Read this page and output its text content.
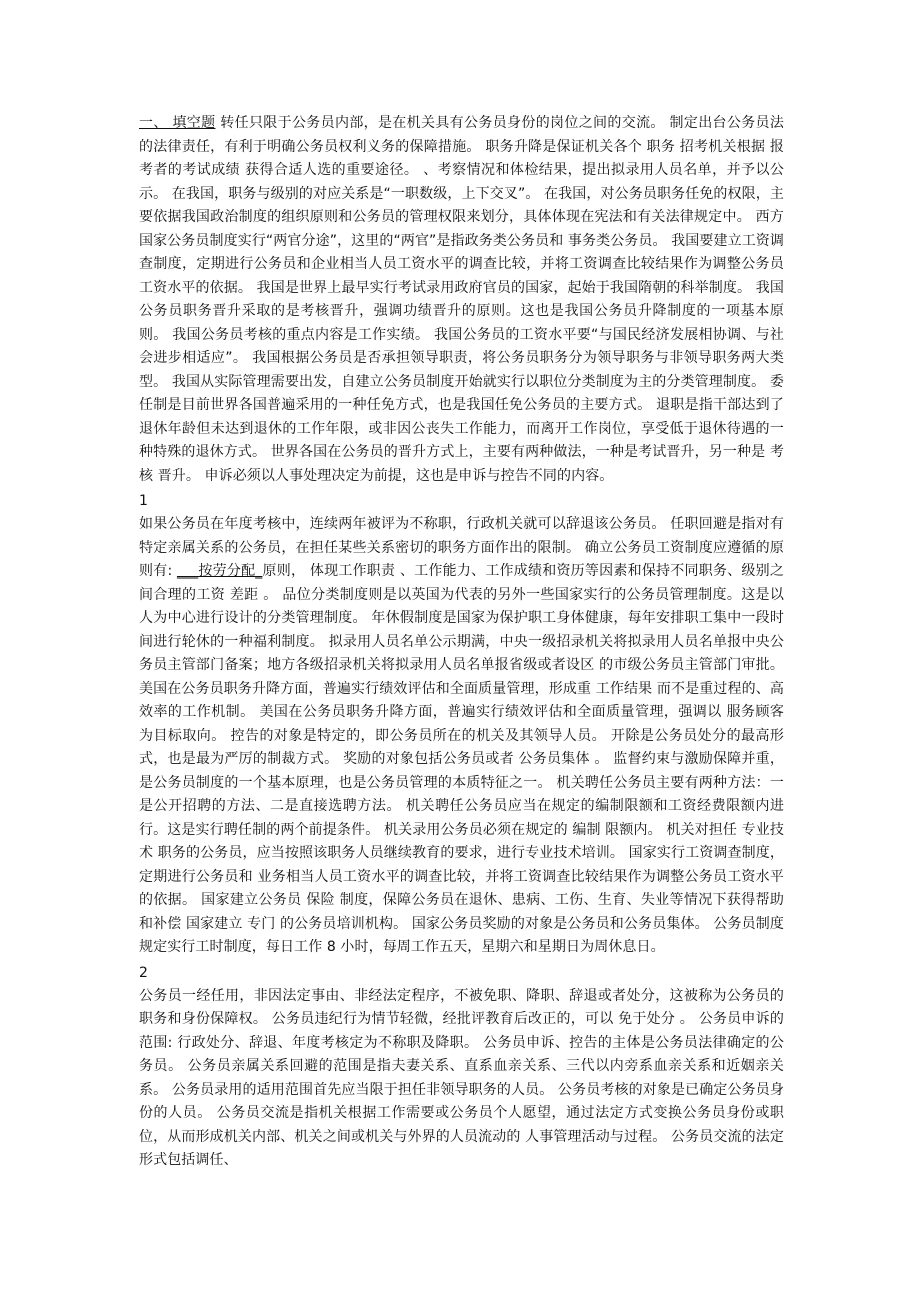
一、 填空题 转任只限于公务员内部，是在机关具有公务员身份的岗位之间的交流。 制定出台公务员法的法律责任，有利于明确公务员权利义务的保障措施。 职务升降是保证机关各个 职务 招考机关根据 报考者的考试成绩 获得合适人选的重要途径。 、考察情况和体检结果，提出拟录用人员名单，并予以公示。 在我国，职务与级别的对应关系是“一职数级，上下交叉”。 在我国，对公务员职务任免的权限，主要依据我国政治制度的组织原则和公务员的管理权限来划分，具体体现在宪法和有关法律规定中。 西方国家公务员制度实行“两官分途”，这里的“两官”是指政务类公务员和 事务类公务员。 我国要建立工资调查制度，定期进行公务员和企业相当人员工资水平的调查比较，并将工资调查比较结果作为调整公务员工资水平的依据。 我国是世界上最早实行考试录用政府官员的国家，起始于我国隋朝的科举制度。 我国公务员职务晋升采取的是考核晋升，强调功绩晋升的原则。这也是我国公务员升降制度的一项基本原则。 我国公务员考核的重点内容是工作实绩。 我国公务员的工资水平要“与国民经济发展相协调、与社会进步相适应”。 我国根据公务员是否承担领导职责，将公务员职务分为领导职务与非领导职务两大类型。 我国从实际管理需要出发，自建立公务员制度开始就实行以职位分类制度为主的分类管理制度。 委任制是目前世界各国普遍采用的一种任免方式，也是我国任免公务员的主要方式。 退职是指干部达到了退休年龄但未达到退休的工作年限，或非因公丧失工作能力，而离开工作岗位，享受低于退休待遇的一种特殊的退休方式。 世界各国在公务员的晋升方式上，主要有两种做法，一种是考试晋升，另一种是 考核 晋升。 申诉必须以人事处理决定为前提，这也是申诉与控告不同的内容。

1

如果公务员在年度考核中，连续两年被评为不称职，行政机关就可以辞退该公务员。 任职回避是指对有特定亲属关系的公务员，在担任某些关系密切的职务方面作出的限制。 确立公务员工资制度应遵循的原则有: ___按劳分配_原则， 体现工作职责 、工作能力、工作成绩和资历等因素和保持不同职务、级别之间合理的工资 差距 。 品位分类制度则是以英国为代表的另外一些国家实行的公务员管理制度。这是以人为中心进行设计的分类管理制度。 年休假制度是国家为保护职工身体健康，每年安排职工集中一段时间进行轮休的一种福利制度。 拟录用人员名单公示期满，中央一级招录机关将拟录用人员名单报中央公务员主管部门备案；地方各级招录机关将拟录用人员名单报省级或者设区 的市级公务员主管部门审批。 美国在公务员职务升降方面，普遍实行绩效评估和全面质量管理，形成重 工作结果 而不是重过程的、高效率的工作机制。 美国在公务员职务升降方面，普遍实行绩效评估和全面质量管理，强调以 服务顾客 为目标取向。 控告的对象是特定的，即公务员所在的机关及其领导人员。 开除是公务员处分的最高形式，也是最为严厉的制裁方式。 奖励的对象包括公务员或者 公务员集体 。 监督约束与激励保障并重，是公务员制度的一个基本原理，也是公务员管理的本质特征之一。 机关聘任公务员主要有两种方法：一是公开招聘的方法、二是直接选聘方法。 机关聘任公务员应当在规定的编制限额和工资经费限额内进行。这是实行聘任制的两个前提条件。 机关录用公务员必须在规定的 编制 限额内。 机关对担任 专业技术 职务的公务员，应当按照该职务人员继续教育的要求，进行专业技术培训。 国家实行工资调查制度，定期进行公务员和 业务相当人员工资水平的调查比较，并将工资调查比较结果作为调整公务员工资水平的依据。 国家建立公务员 保险 制度，保障公务员在退休、患病、工伤、生育、失业等情况下获得帮助和补偿 国家建立 专门 的公务员培训机构。 国家公务员奖励的对象是公务员和公务员集体。 公务员制度规定实行工时制度，每日工作 8 小时，每周工作五天，星期六和星期日为周休息日。

2

公务员一经任用，非因法定事由、非经法定程序，不被免职、降职、辞退或者处分，这被称为公务员的 职务和身份保障权。 公务员违纪行为情节轻微，经批评教育后改正的，可以 免于处分 。 公务员申诉的范围: 行政处分、辞退、年度考核定为不称职及降职。 公务员申诉、控告的主体是公务员法律确定的公务员。 公务员亲属关系回避的范围是指夫妻关系、直系血亲关系、三代以内旁系血亲关系和近姻亲关系。 公务员录用的适用范围首先应当限于担任非领导职务的人员。 公务员考核的对象是已确定公务员身份的人员。 公务员交流是指机关根据工作需要或公务员个人愿望，通过法定方式变换公务员身份或职位，从而形成机关内部、机关之间或机关与外界的人员流动的 人事管理活动与过程。 公务员交流的法定形式包括调任、
